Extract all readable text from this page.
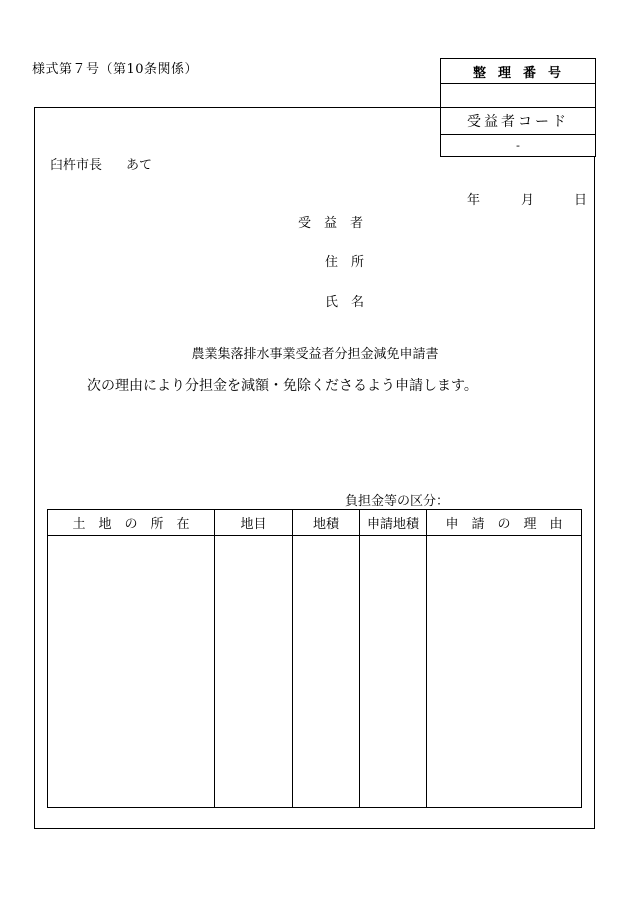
様式第７号（第10条関係）	整理番号
受益者コード
-
臼杵市長 あて
年	月	日
受　益　者
住　所
氏　名
農業集落排水事業受益者分担金減免申請書
次の理由により分担金を減額・免除くださるよう申請します。
負担金等の区分：
土　地　の　所　在	地目	地積	申請地積	申　請　の　理　由
